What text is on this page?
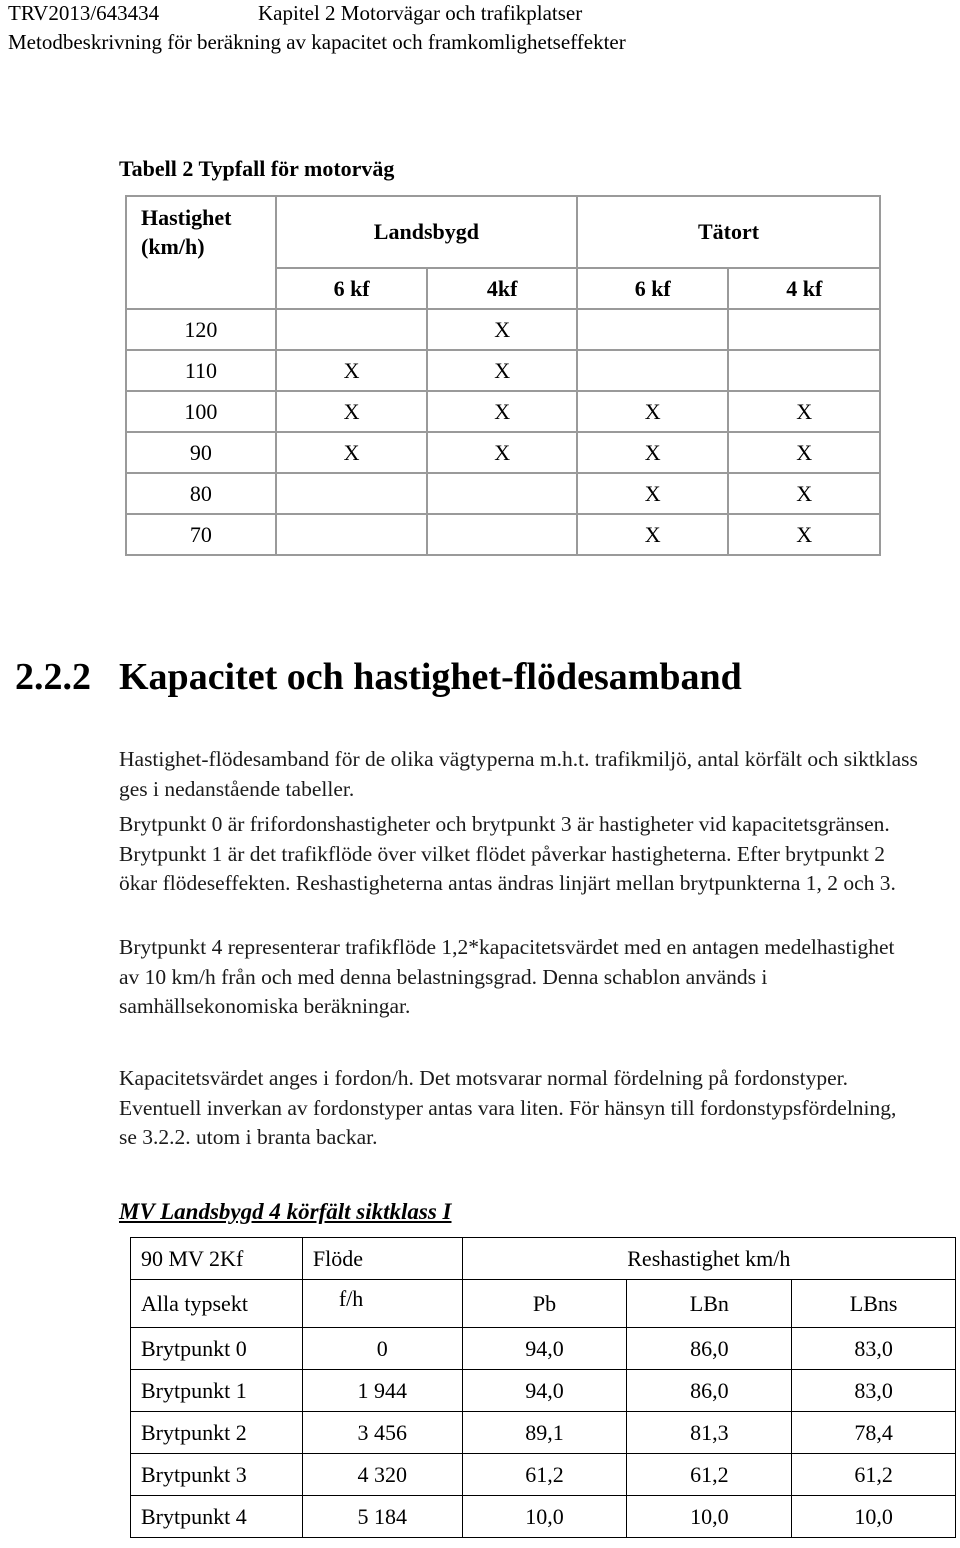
TRV2013/643434	Kapitel 2 Motorvägar och trafikplatser
Metodbeskrivning för beräkning av kapacitet och framkomlighetseffekter
Tabell 2 Typfall för motorväg
Hastighet
(km/h)	Landsbygd		Tätort	
	6 kf	4kf	6 kf	4 kf
120		X		
110	X	X		
100	X	X	X	X
90	X	X	X	X
80			X	X
70			X	X
2.2.2 Kapacitet och hastighet-flödesamband
Hastighet-flödesamband för de olika vägtyperna m.h.t. trafikmiljö, antal körfält och siktklass ges i nedanstående tabeller.
Brytpunkt 0 är frifordonshastigheter och brytpunkt 3 är hastigheter vid kapacitetsgränsen. Brytpunkt 1 är det trafikflöde över vilket flödet påverkar hastigheterna. Efter brytpunkt 2 ökar flödeseffekten. Reshastigheterna antas ändras linjärt mellan brytpunkterna 1, 2 och 3.
Brytpunkt 4 representerar trafikflöde 1,2*kapacitetsvärdet med en antagen medelhastighet av 10 km/h från och med denna belastningsgrad. Denna schablon används i samhällsekonomiska beräkningar.
Kapacitetsvärdet anges i fordon/h. Det motsvarar normal fördelning på fordonstyper. Eventuell inverkan av fordonstyper antas vara liten. För hänsyn till fordonstypsfördelning, se 3.2.2. utom i branta backar.
MV Landsbygd 4 körfält siktklass I
90 MV 2Kf	Flöde	Reshastighet km/h		
Alla typsekt	f/h	Pb	LBn	LBns
Brytpunkt 0	0	94,0	86,0	83,0
Brytpunkt 1	1 944	94,0	86,0	83,0
Brytpunkt 2	3 456	89,1	81,3	78,4
Brytpunkt 3	4 320	61,2	61,2	61,2
Brytpunkt 4	5 184	10,0	10,0	10,0
